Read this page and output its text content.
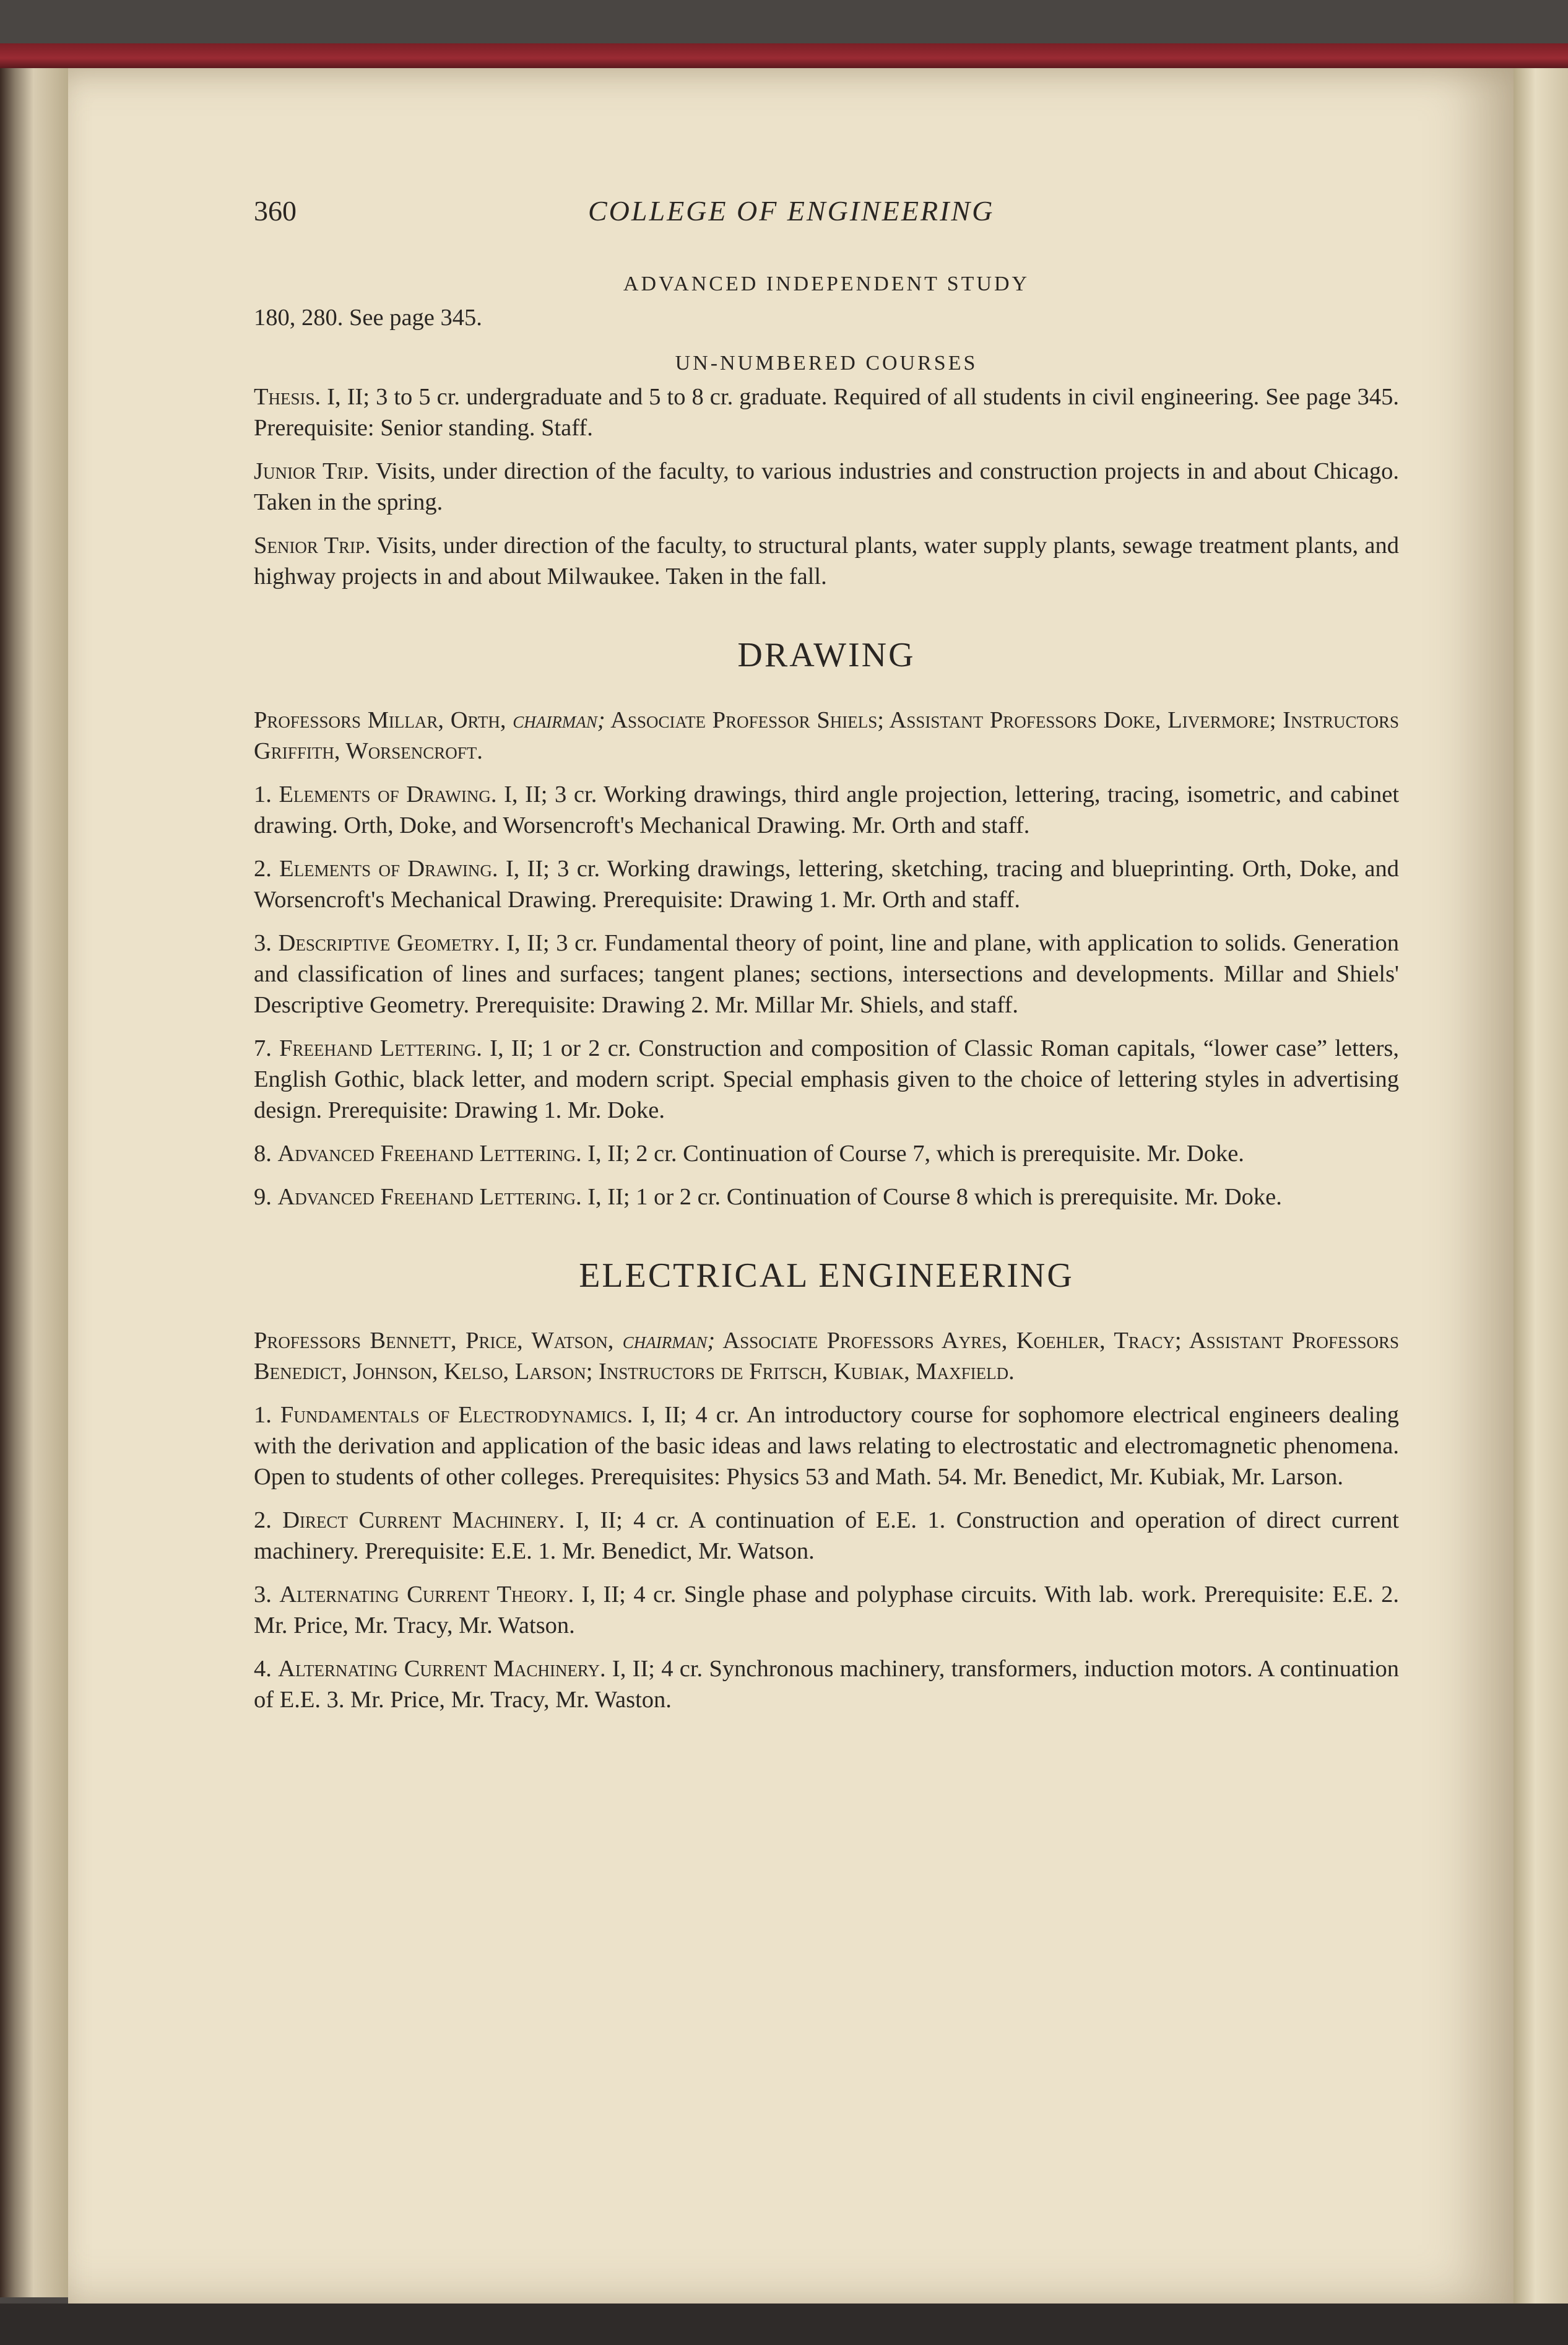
360	COLLEGE OF ENGINEERING
ADVANCED INDEPENDENT STUDY

180, 280. See page 345.

UN-NUMBERED COURSES

Thesis. I, II; 3 to 5 cr. undergraduate and 5 to 8 cr. graduate. Required of all students in civil engineering. See page 345. Prerequisite: Senior standing. Staff.

Junior Trip. Visits, under direction of the faculty, to various industries and construction projects in and about Chicago. Taken in the spring.

Senior Trip. Visits, under direction of the faculty, to structural plants, water supply plants, sewage treatment plants, and highway projects in and about Milwaukee. Taken in the fall.

DRAWING

Professors Millar, Orth, chairman; Associate Professor Shiels; Assistant Professors Doke, Livermore; Instructors Griffith, Worsencroft.

1. Elements of Drawing. I, II; 3 cr. Working drawings, third angle projection, lettering, tracing, isometric, and cabinet drawing. Orth, Doke, and Worsencroft's Mechanical Drawing. Mr. Orth and staff.

2. Elements of Drawing. I, II; 3 cr. Working drawings, lettering, sketching, tracing and blueprinting. Orth, Doke, and Worsencroft's Mechanical Drawing. Prerequisite: Drawing 1. Mr. Orth and staff.

3. Descriptive Geometry. I, II; 3 cr. Fundamental theory of point, line and plane, with application to solids. Generation and classification of lines and surfaces; tangent planes; sections, intersections and developments. Millar and Shiels' Descriptive Geometry. Prerequisite: Drawing 2. Mr. Millar Mr. Shiels, and staff.

7. Freehand Lettering. I, II; 1 or 2 cr. Construction and composition of Classic Roman capitals, “lower case” letters, English Gothic, black letter, and modern script. Special emphasis given to the choice of lettering styles in advertising design. Prerequisite: Drawing 1. Mr. Doke.

8. Advanced Freehand Lettering. I, II; 2 cr. Continuation of Course 7, which is prerequisite. Mr. Doke.

9. Advanced Freehand Lettering. I, II; 1 or 2 cr. Continuation of Course 8 which is prerequisite. Mr. Doke.

ELECTRICAL ENGINEERING

Professors Bennett, Price, Watson, chairman; Associate Professors Ayres, Koehler, Tracy; Assistant Professors Benedict, Johnson, Kelso, Larson; Instructors de Fritsch, Kubiak, Maxfield.

1. Fundamentals of Electrodynamics. I, II; 4 cr. An introductory course for sophomore electrical engineers dealing with the derivation and application of the basic ideas and laws relating to electrostatic and electromagnetic phenomena. Open to students of other colleges. Prerequisites: Physics 53 and Math. 54. Mr. Benedict, Mr. Kubiak, Mr. Larson.

2. Direct Current Machinery. I, II; 4 cr. A continuation of E.E. 1. Construction and operation of direct current machinery. Prerequisite: E.E. 1. Mr. Benedict, Mr. Watson.

3. Alternating Current Theory. I, II; 4 cr. Single phase and polyphase circuits. With lab. work. Prerequisite: E.E. 2. Mr. Price, Mr. Tracy, Mr. Watson.

4. Alternating Current Machinery. I, II; 4 cr. Synchronous machinery, transformers, induction motors. A continuation of E.E. 3. Mr. Price, Mr. Tracy, Mr. Waston.
